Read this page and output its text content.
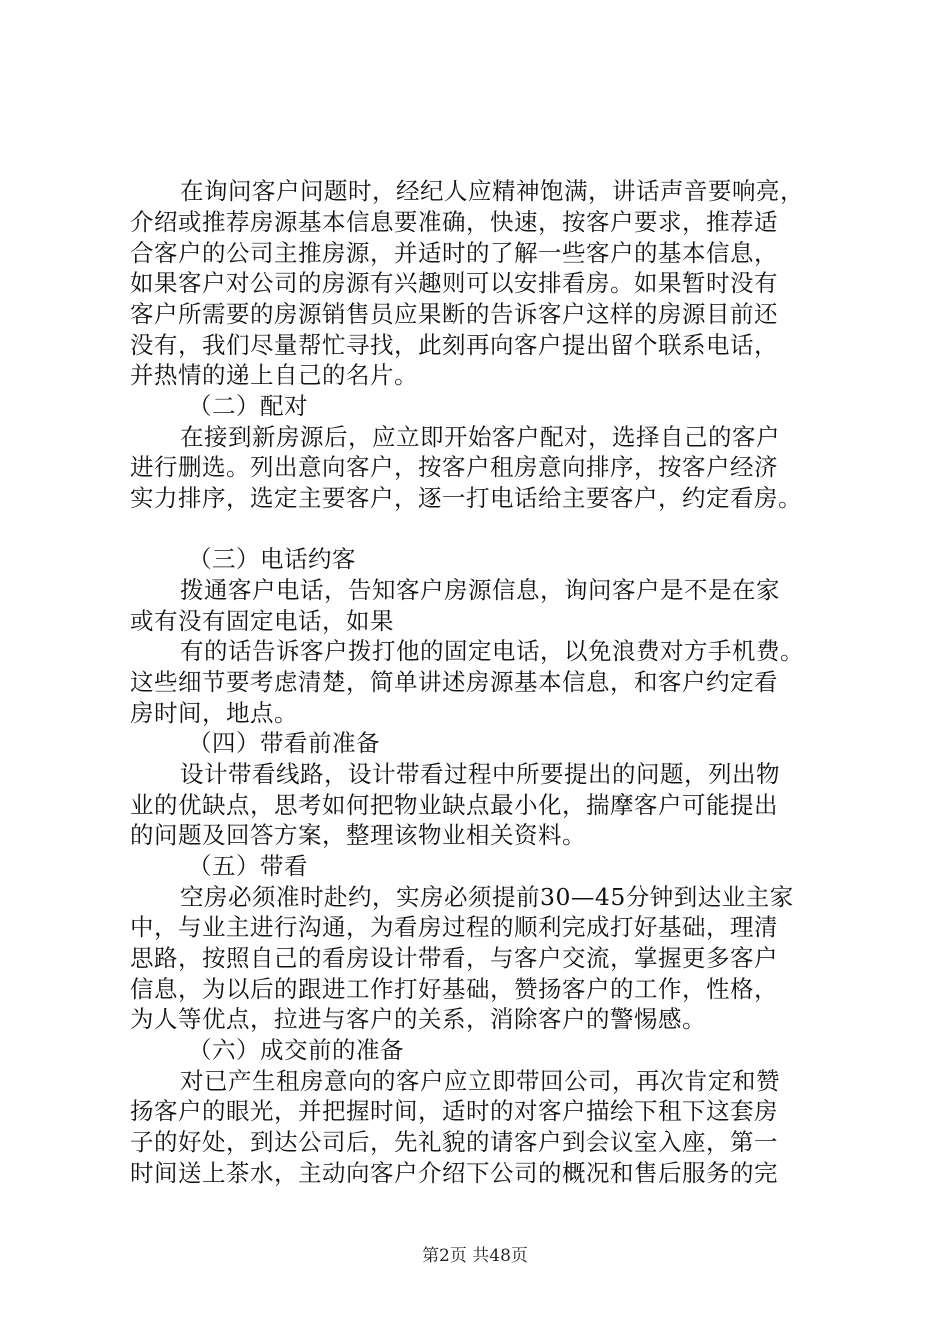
在询问客户问题时，经纪人应精神饱满，讲话声音要响亮，
介绍或推荐房源基本信息要准确，快速，按客户要求，推荐适
合客户的公司主推房源，并适时的了解一些客户的基本信息，
如果客户对公司的房源有兴趣则可以安排看房。如果暂时没有
客户所需要的房源销售员应果断的告诉客户这样的房源目前还
没有，我们尽量帮忙寻找，此刻再向客户提出留个联系电话，
并热情的递上自己的名片。
（二）配对
在接到新房源后，应立即开始客户配对，选择自己的客户
进行删选。列出意向客户，按客户租房意向排序，按客户经济
实力排序，选定主要客户，逐一打电话给主要客户，约定看房。
（三）电话约客
拨通客户电话，告知客户房源信息，询问客户是不是在家
或有没有固定电话，如果
有的话告诉客户拨打他的固定电话，以免浪费对方手机费。
这些细节要考虑清楚，简单讲述房源基本信息，和客户约定看
房时间，地点。
（四）带看前准备
设计带看线路，设计带看过程中所要提出的问题，列出物
业的优缺点，思考如何把物业缺点最小化，揣摩客户可能提出
的问题及回答方案，整理该物业相关资料。
（五）带看
空房必须准时赴约，实房必须提前30—45分钟到达业主家
中，与业主进行沟通，为看房过程的顺利完成打好基础，理清
思路，按照自己的看房设计带看，与客户交流，掌握更多客户
信息，为以后的跟进工作打好基础，赞扬客户的工作，性格，
为人等优点，拉进与客户的关系，消除客户的警惕感。
（六）成交前的准备
对已产生租房意向的客户应立即带回公司，再次肯定和赞
扬客户的眼光，并把握时间，适时的对客户描绘下租下这套房
子的好处，到达公司后，先礼貌的请客户到会议室入座，第一
时间送上茶水，主动向客户介绍下公司的概况和售后服务的完
第2页 共48页
